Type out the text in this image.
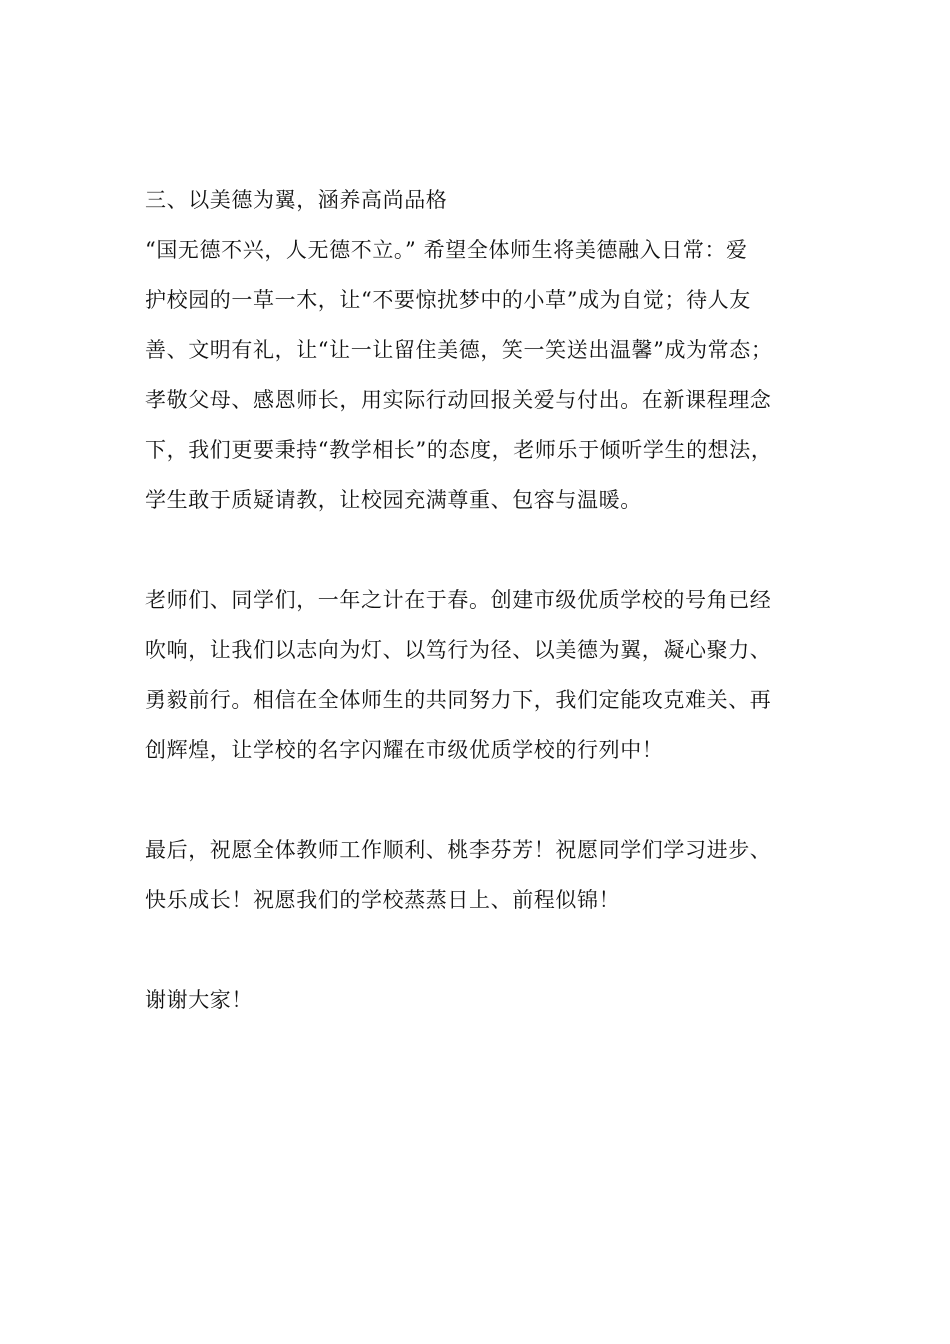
三、以美德为翼，涵养高尚品格

“国无德不兴，人无德不立。” 希望全体师生将美德融入日常：爱

护校园的一草一木，让“不要惊扰梦中的小草”成为自觉；待人友

善、文明有礼，让“让一让留住美德，笑一笑送出温馨”成为常态；

孝敬父母、感恩师长，用实际行动回报关爱与付出。在新课程理念

下，我们更要秉持“教学相长”的态度，老师乐于倾听学生的想法，

学生敢于质疑请教，让校园充满尊重、包容与温暖。

老师们、同学们，一年之计在于春。创建市级优质学校的号角已经

吹响，让我们以志向为灯、以笃行为径、以美德为翼，凝心聚力、

勇毅前行。相信在全体师生的共同努力下，我们定能攻克难关、再

创辉煌，让学校的名字闪耀在市级优质学校的行列中！

最后，祝愿全体教师工作顺利、桃李芬芳！祝愿同学们学习进步、

快乐成长！祝愿我们的学校蒸蒸日上、前程似锦！

谢谢大家！
